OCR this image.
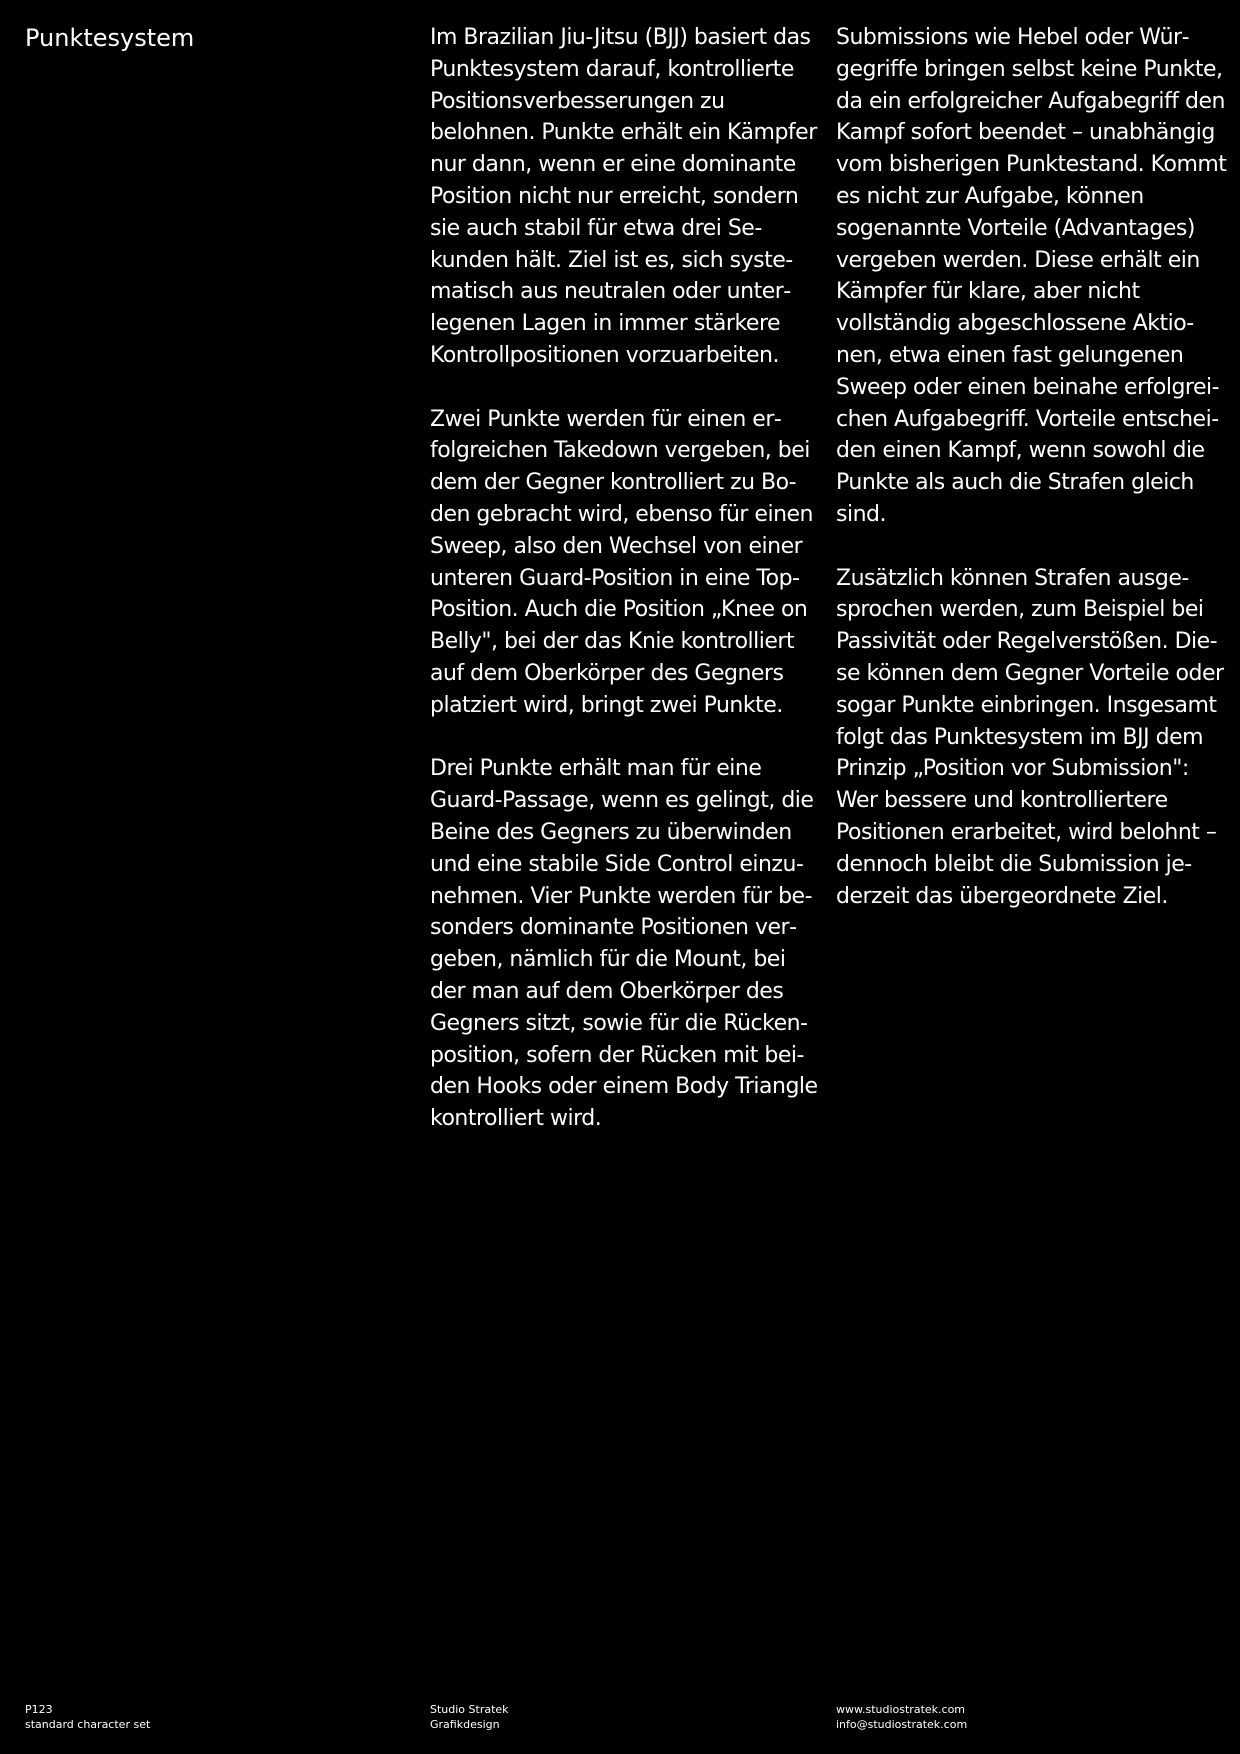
Punktesystem	Im Brazilian Jiu-Jitsu (BJJ) basiert das Punktesystem darauf, kontrollierte Positionsverbesserungen zu belohnen. Punkte erhält ein Kämpfer nur dann, wenn er eine dominante Position nicht nur erreicht, sondern sie auch stabil für etwa drei Sekunden hält. Ziel ist es, sich systematisch aus neutralen oder unterlegenen Lagen in immer stärkere Kontrollpositionen vorzuarbeiten.

Zwei Punkte werden für einen erfolgreichen Takedown vergeben, bei dem der Gegner kontrolliert zu Boden gebracht wird, ebenso für einen Sweep, also den Wechsel von einer unteren Guard-Position in eine Top-Position. Auch die Position „Knee on Belly", bei der das Knie kontrolliert auf dem Oberkörper des Gegners platziert wird, bringt zwei Punkte.

Drei Punkte erhält man für eine Guard-Passage, wenn es gelingt, die Beine des Gegners zu überwinden und eine stabile Side Control einzunehmen. Vier Punkte werden für besonders dominante Positionen vergeben, nämlich für die Mount, bei der man auf dem Oberkörper des Gegners sitzt, sowie für die Rückenposition, sofern der Rücken mit beiden Hooks oder einem Body Triangle kontrolliert wird.

Submissions wie Hebel oder Würgegriffe bringen selbst keine Punkte, da ein erfolgreicher Aufgabegriff den Kampf sofort beendet – unabhängig vom bisherigen Punktestand. Kommt es nicht zur Aufgabe, können sogenannte Vorteile (Advantages) vergeben werden. Diese erhält ein Kämpfer für klare, aber nicht vollständig abgeschlossene Aktionen, etwa einen fast gelungenen Sweep oder einen beinahe erfolgreichen Aufgabegriff. Vorteile entscheiden einen Kampf, wenn sowohl die Punkte als auch die Strafen gleich sind.

Zusätzlich können Strafen ausgesprochen werden, zum Beispiel bei Passivität oder Regelverstößen. Diese können dem Gegner Vorteile oder sogar Punkte einbringen. Insgesamt folgt das Punktesystem im BJJ dem Prinzip „Position vor Submission": Wer bessere und kontrolliertere Positionen erarbeitet, wird belohnt – dennoch bleibt die Submission jederzeit das übergeordnete Ziel.

P123
standard character set
Studio Stratek
Grafikdesign
www.studiostratek.com
info@studiostratek.com
